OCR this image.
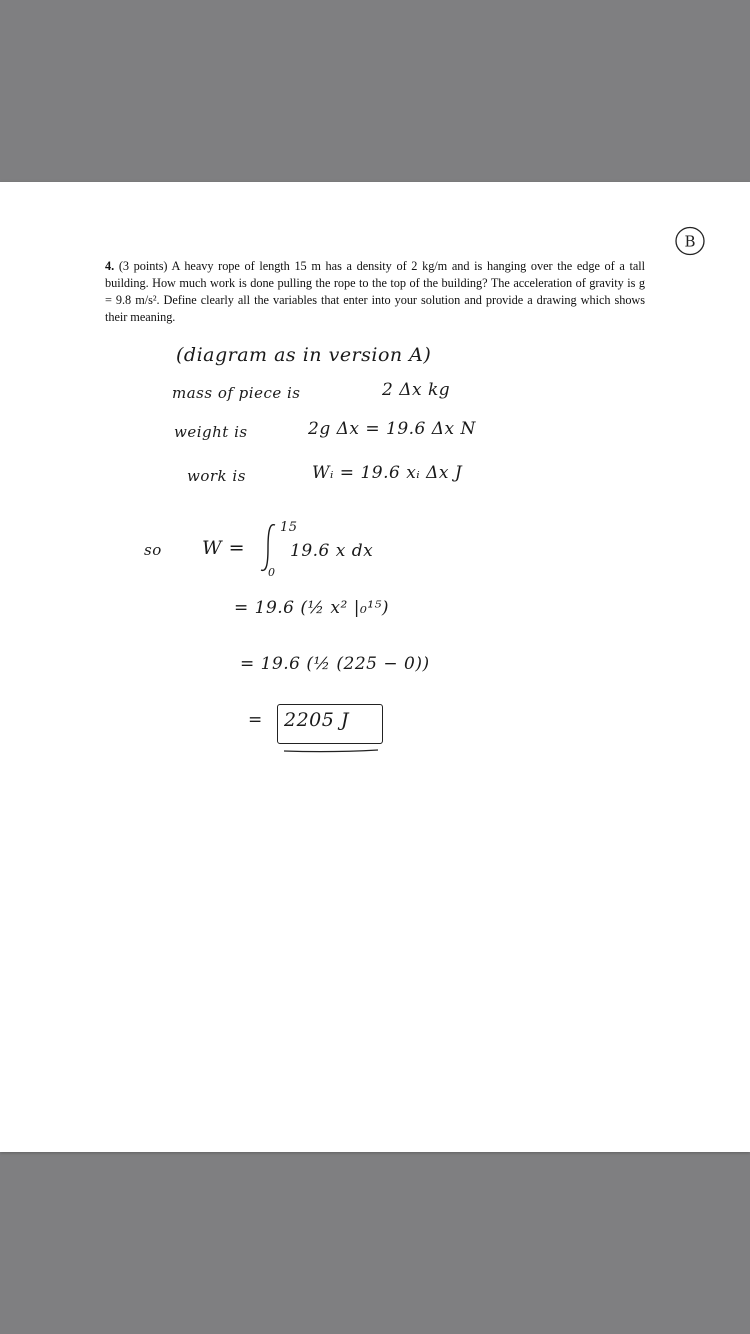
B
4. (3 points) A heavy rope of length 15 m has a density of 2 kg/m and is hanging over the edge of a tall building. How much work is done pulling the rope to the top of the building? The acceleration of gravity is g = 9.8 m/s². Define clearly all the variables that enter into your solution and provide a drawing which shows their meaning.
(diagram as in version A)
mass of piece is	2 Δx kg
weight is	2g Δx = 19.6 Δx N
work is	Wᵢ = 19.6 xᵢ Δx J
so W =
15
0
19.6 x dx
= 19.6 (½ x² |₀¹⁵)
= 19.6 (½ (225 − 0))
= 2205 J
